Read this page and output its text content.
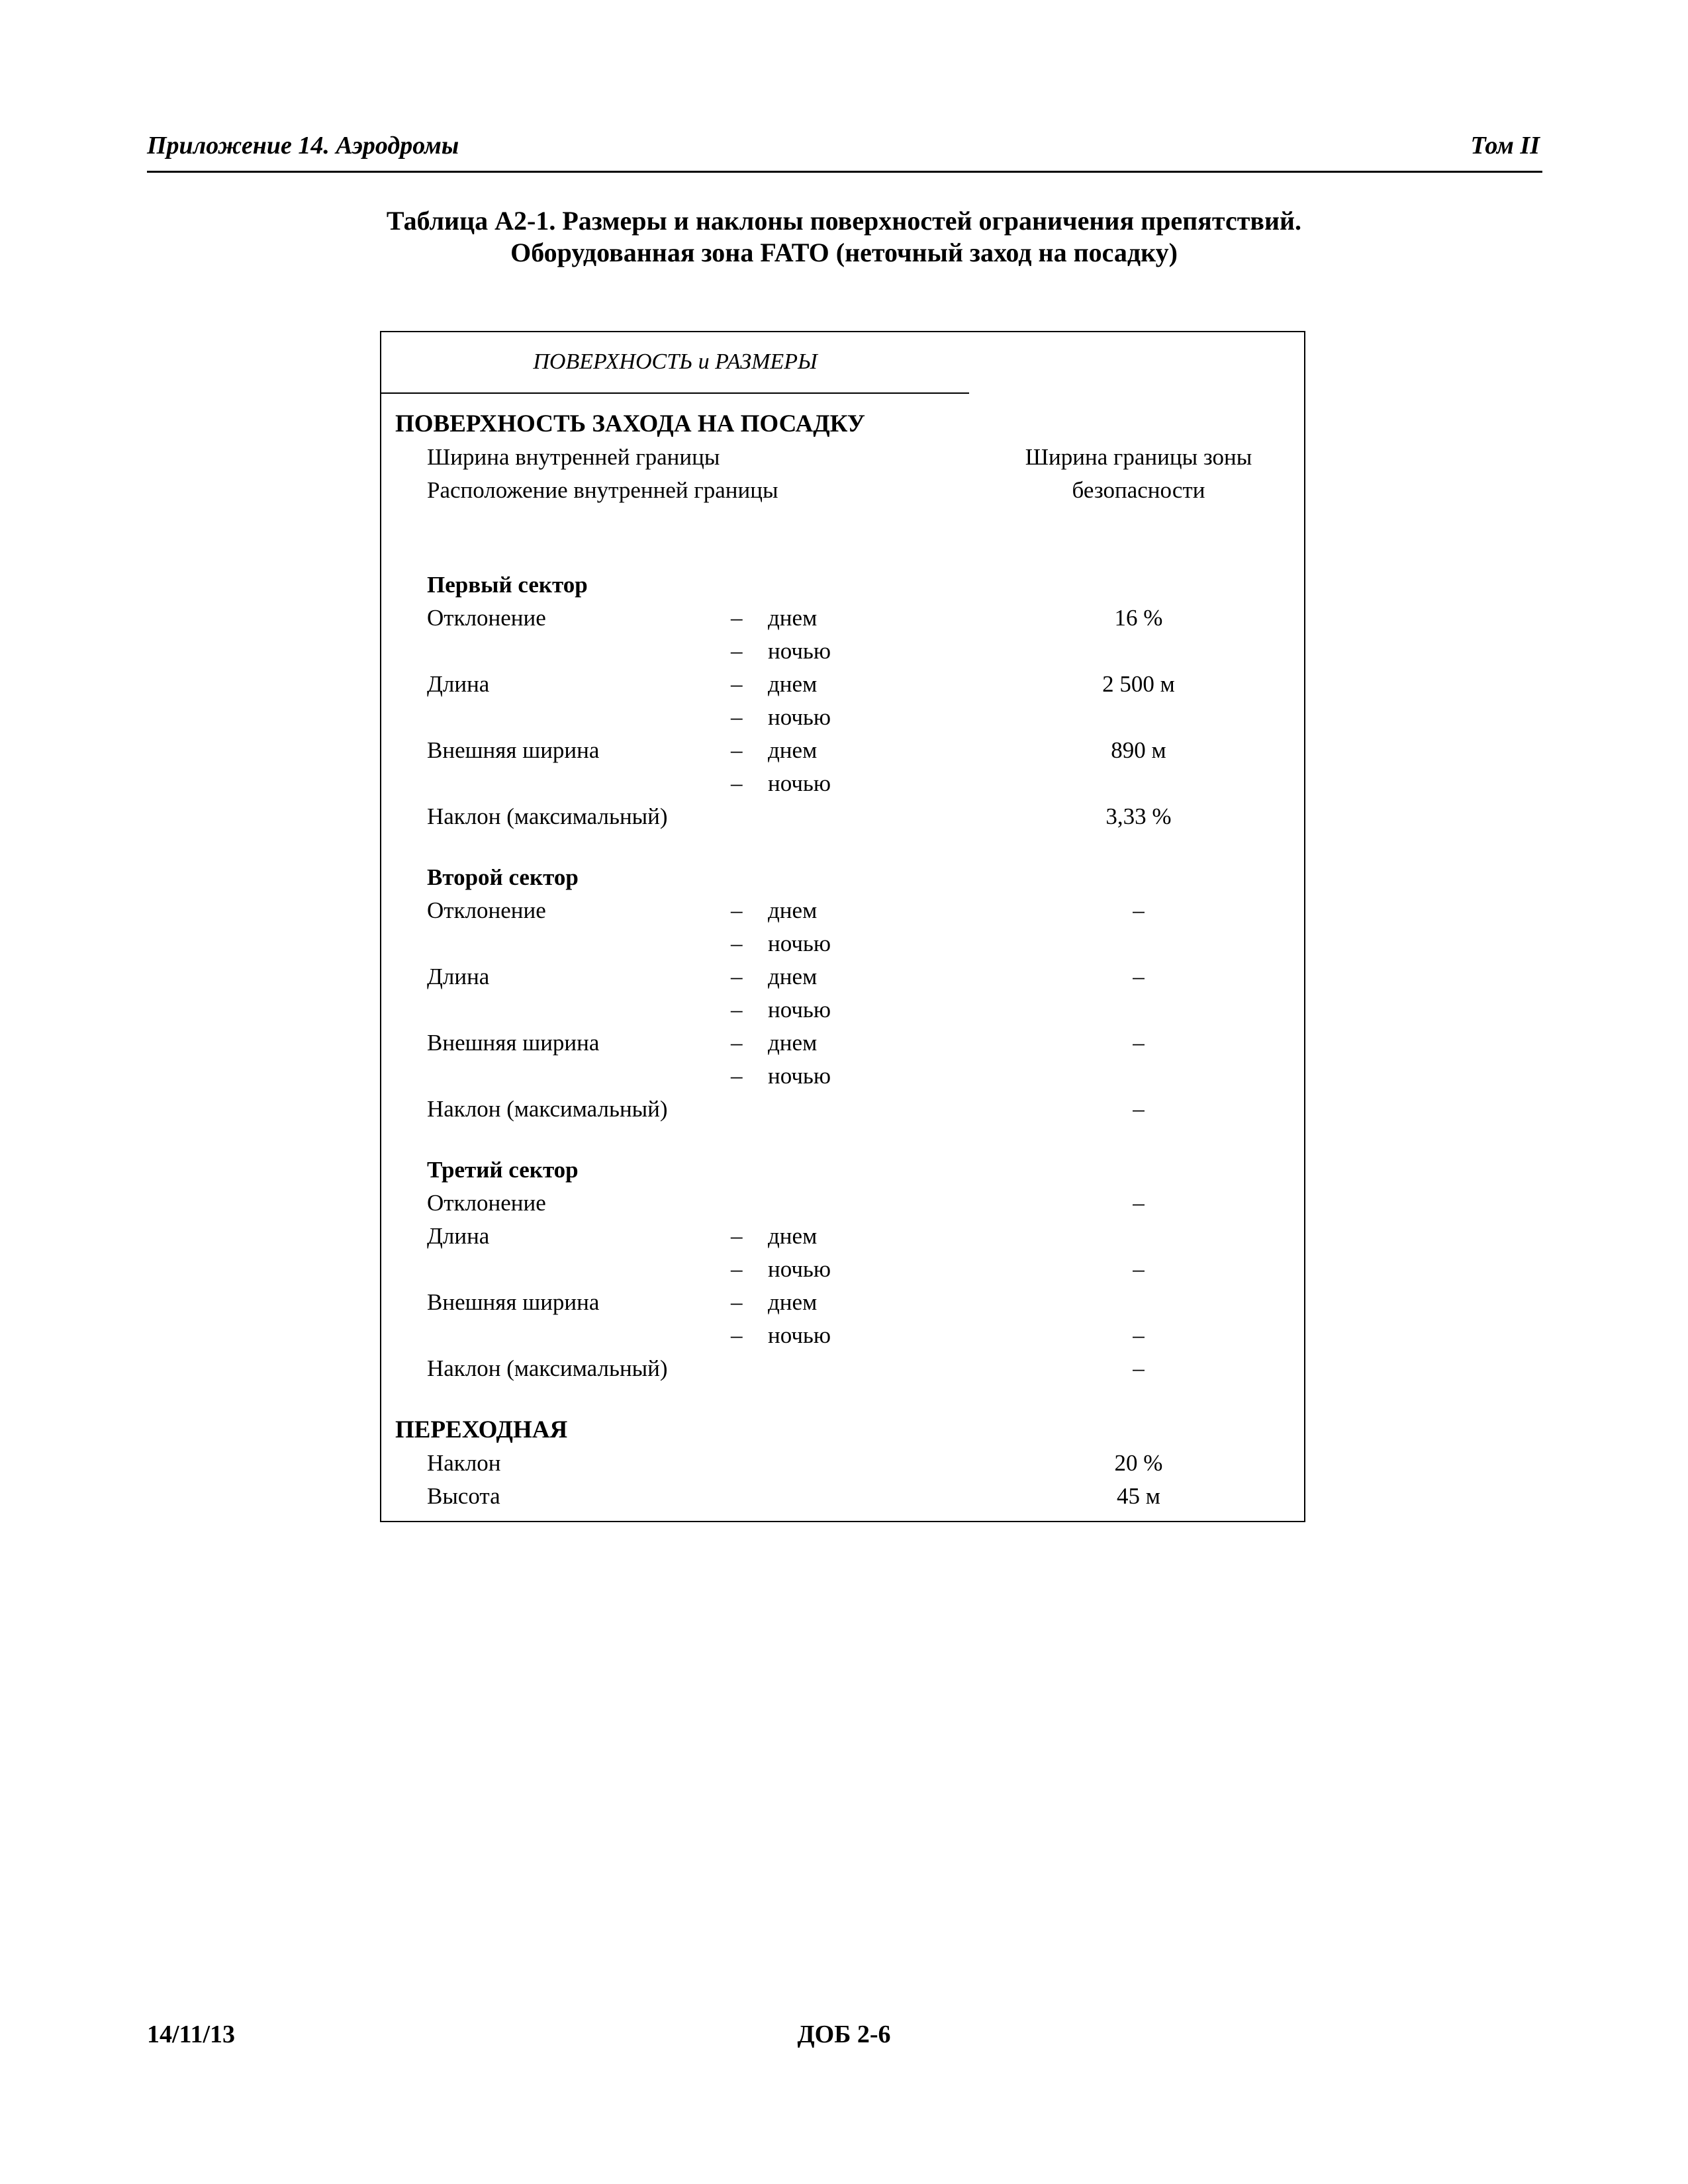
Приложение 14. Аэродромы	Том II
Таблица А2-1. Размеры и наклоны поверхностей ограничения препятствий.
Оборудованная зона FATO (неточный заход на посадку)
ПОВЕРХНОСТЬ и РАЗМЕРЫ
ПОВЕРХНОСТЬ ЗАХОДА НА ПОСАДКУ
Ширина внутренней границы
Расположение внутренней границы
Ширина границы зоны
безопасности
Первый сектор
Отклонение	– днем	16 %
– ночью
Длина	– днем	2 500 м
– ночью
Внешняя ширина	– днем	890 м
– ночью
Наклон (максимальный)	3,33 %
Второй сектор
Отклонение	– днем	–
– ночью
Длина	– днем	–
– ночью
Внешняя ширина	– днем	–
– ночью
Наклон (максимальный)	–
Третий сектор
Отклонение	–
Длина	– днем
– ночью	–
Внешняя ширина	– днем
– ночью	–
Наклон (максимальный)	–
ПЕРЕХОДНАЯ
Наклон	20 %
Высота	45 м
14/11/13	ДОБ 2-6
